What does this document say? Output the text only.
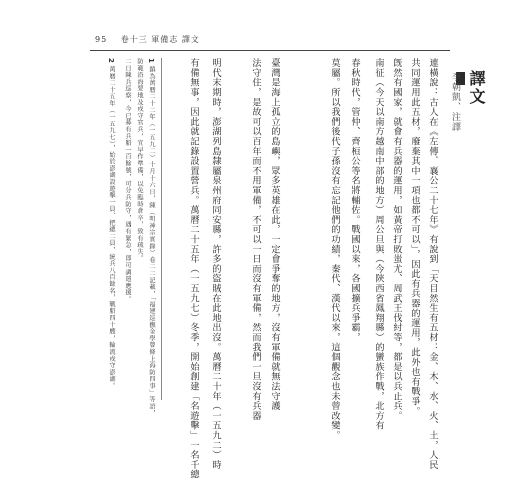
95 卷十三 軍備志 譯文
譯文
李朝凱、注譯
連橫說：古人在《左傳．襄公二十七年》有說到「天目然生有五材：金、木、水、火、土，人民
共同運用此五材，廢棄其中一項也都不可以」，因此有兵器的運用，此外也有戰爭。
旣然有國家，就會有兵器的運用，如黃帝打敗蚩尤、周武王伐紂等，都是以兵止兵。
南征（今天以南方越南中部的地方）周公旦與（今陝西省鳳翔縣）的蠻族作戰，北方有
春秋時代，管仲、齊桓公等名將輔佐。戰國以來，各國擴兵爭霸，
莫屬。所以我們後代子孫沒有忘記他們的功績，秦代、漢代以來，這個觀念也未曾改變。
臺灣是海上孤立的島嶼，眾多英雄在此，一定會爭奪的地方，沒有軍備就無法守護
法守住，是故可以百年而不用軍備，不可以一日而沒有軍備，然而我們一旦沒有兵器
明代末期時，澎湖列島隸屬泉州府同安縣，許多的盜賊在此地出沒。萬曆二十年（一五九二）時
有備無事，因此就記錄設置營兵。萬曆二十五年（一五九七）冬季，開始創建「名遊擊」一名千總
1 鎮為萬曆二十二年（一五九二）十月十六日，陳（明神宗實錄）卷二二記載，「福建巡撫金學曾條上海防四事」等語，
防範沿海要地及戍守官兵，宜早作準備，以免臨時倉卒，致有疏失。
二日陳兵巡察，今已募有兵船一百餘號，可分兵防守，遇有緊急，即可調遣應援。
2 萬曆二十五年（一五九七），始於澎湖設遊擊一員、把總二員，統兵八百餘名，戰船四十艘，輪流戍守澎湖。
